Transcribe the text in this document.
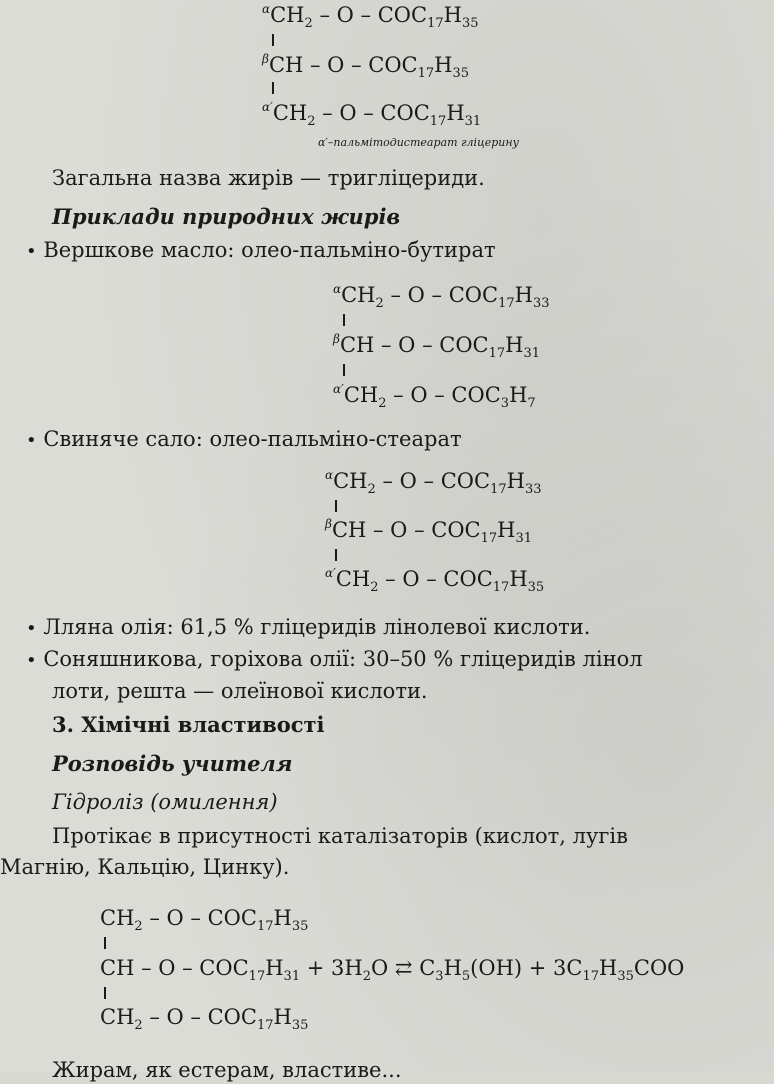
$^\alpha CH_2$ – O – $COC_{17}H_{35}$
$^\beta$CH – O – $COC_{17}H_{35}$
$^{\alpha'}CH_2$ – O – $COC_{17}H_{31}$
α′–пальмітодистеарат гліцерину
Загальна назва жирів — тригліцериди.
Приклади природних жирів
• Вершкове масло: олео-пальміно-бутират
$^\alpha CH_2$ – O – $COC_{17}H_{33}$
$^\beta$CH – O – $COC_{17}H_{31}$
$^{\alpha'}CH_2$ – O – $COC_3H_7$
• Свиняче сало: олео-пальміно-стеарат
$^\alpha CH_2$ – O – $COC_{17}H_{33}$
$^\beta$CH – O – $COC_{17}H_{31}$
$^{\alpha'}CH_2$ – O – $COC_{17}H_{35}$
• Лляна олія: 61,5 % гліцеридів лінолевої кислоти.
• Соняшникова, горіхова олії: 30–50 % гліцеридів лінол
лоти, решта — олеїнової кислоти.
3. Хімічні властивості
Розповідь учителя
Гідроліз (омилення)
Протікає в присутності каталізаторів (кислот, лугів
Магнію, Кальцію, Цинку).
$CH_2$ – O – $COC_{17}H_{35}$
CH – $O - COC_{17}H_{31} + 3H_2O$ ⇄ $C_3H_5(OH) + 3C_{17}H_{35}COO$
$CH_2$ – O – $COC_{17}H_{35}$
Жирам, як естерам, властиве...
